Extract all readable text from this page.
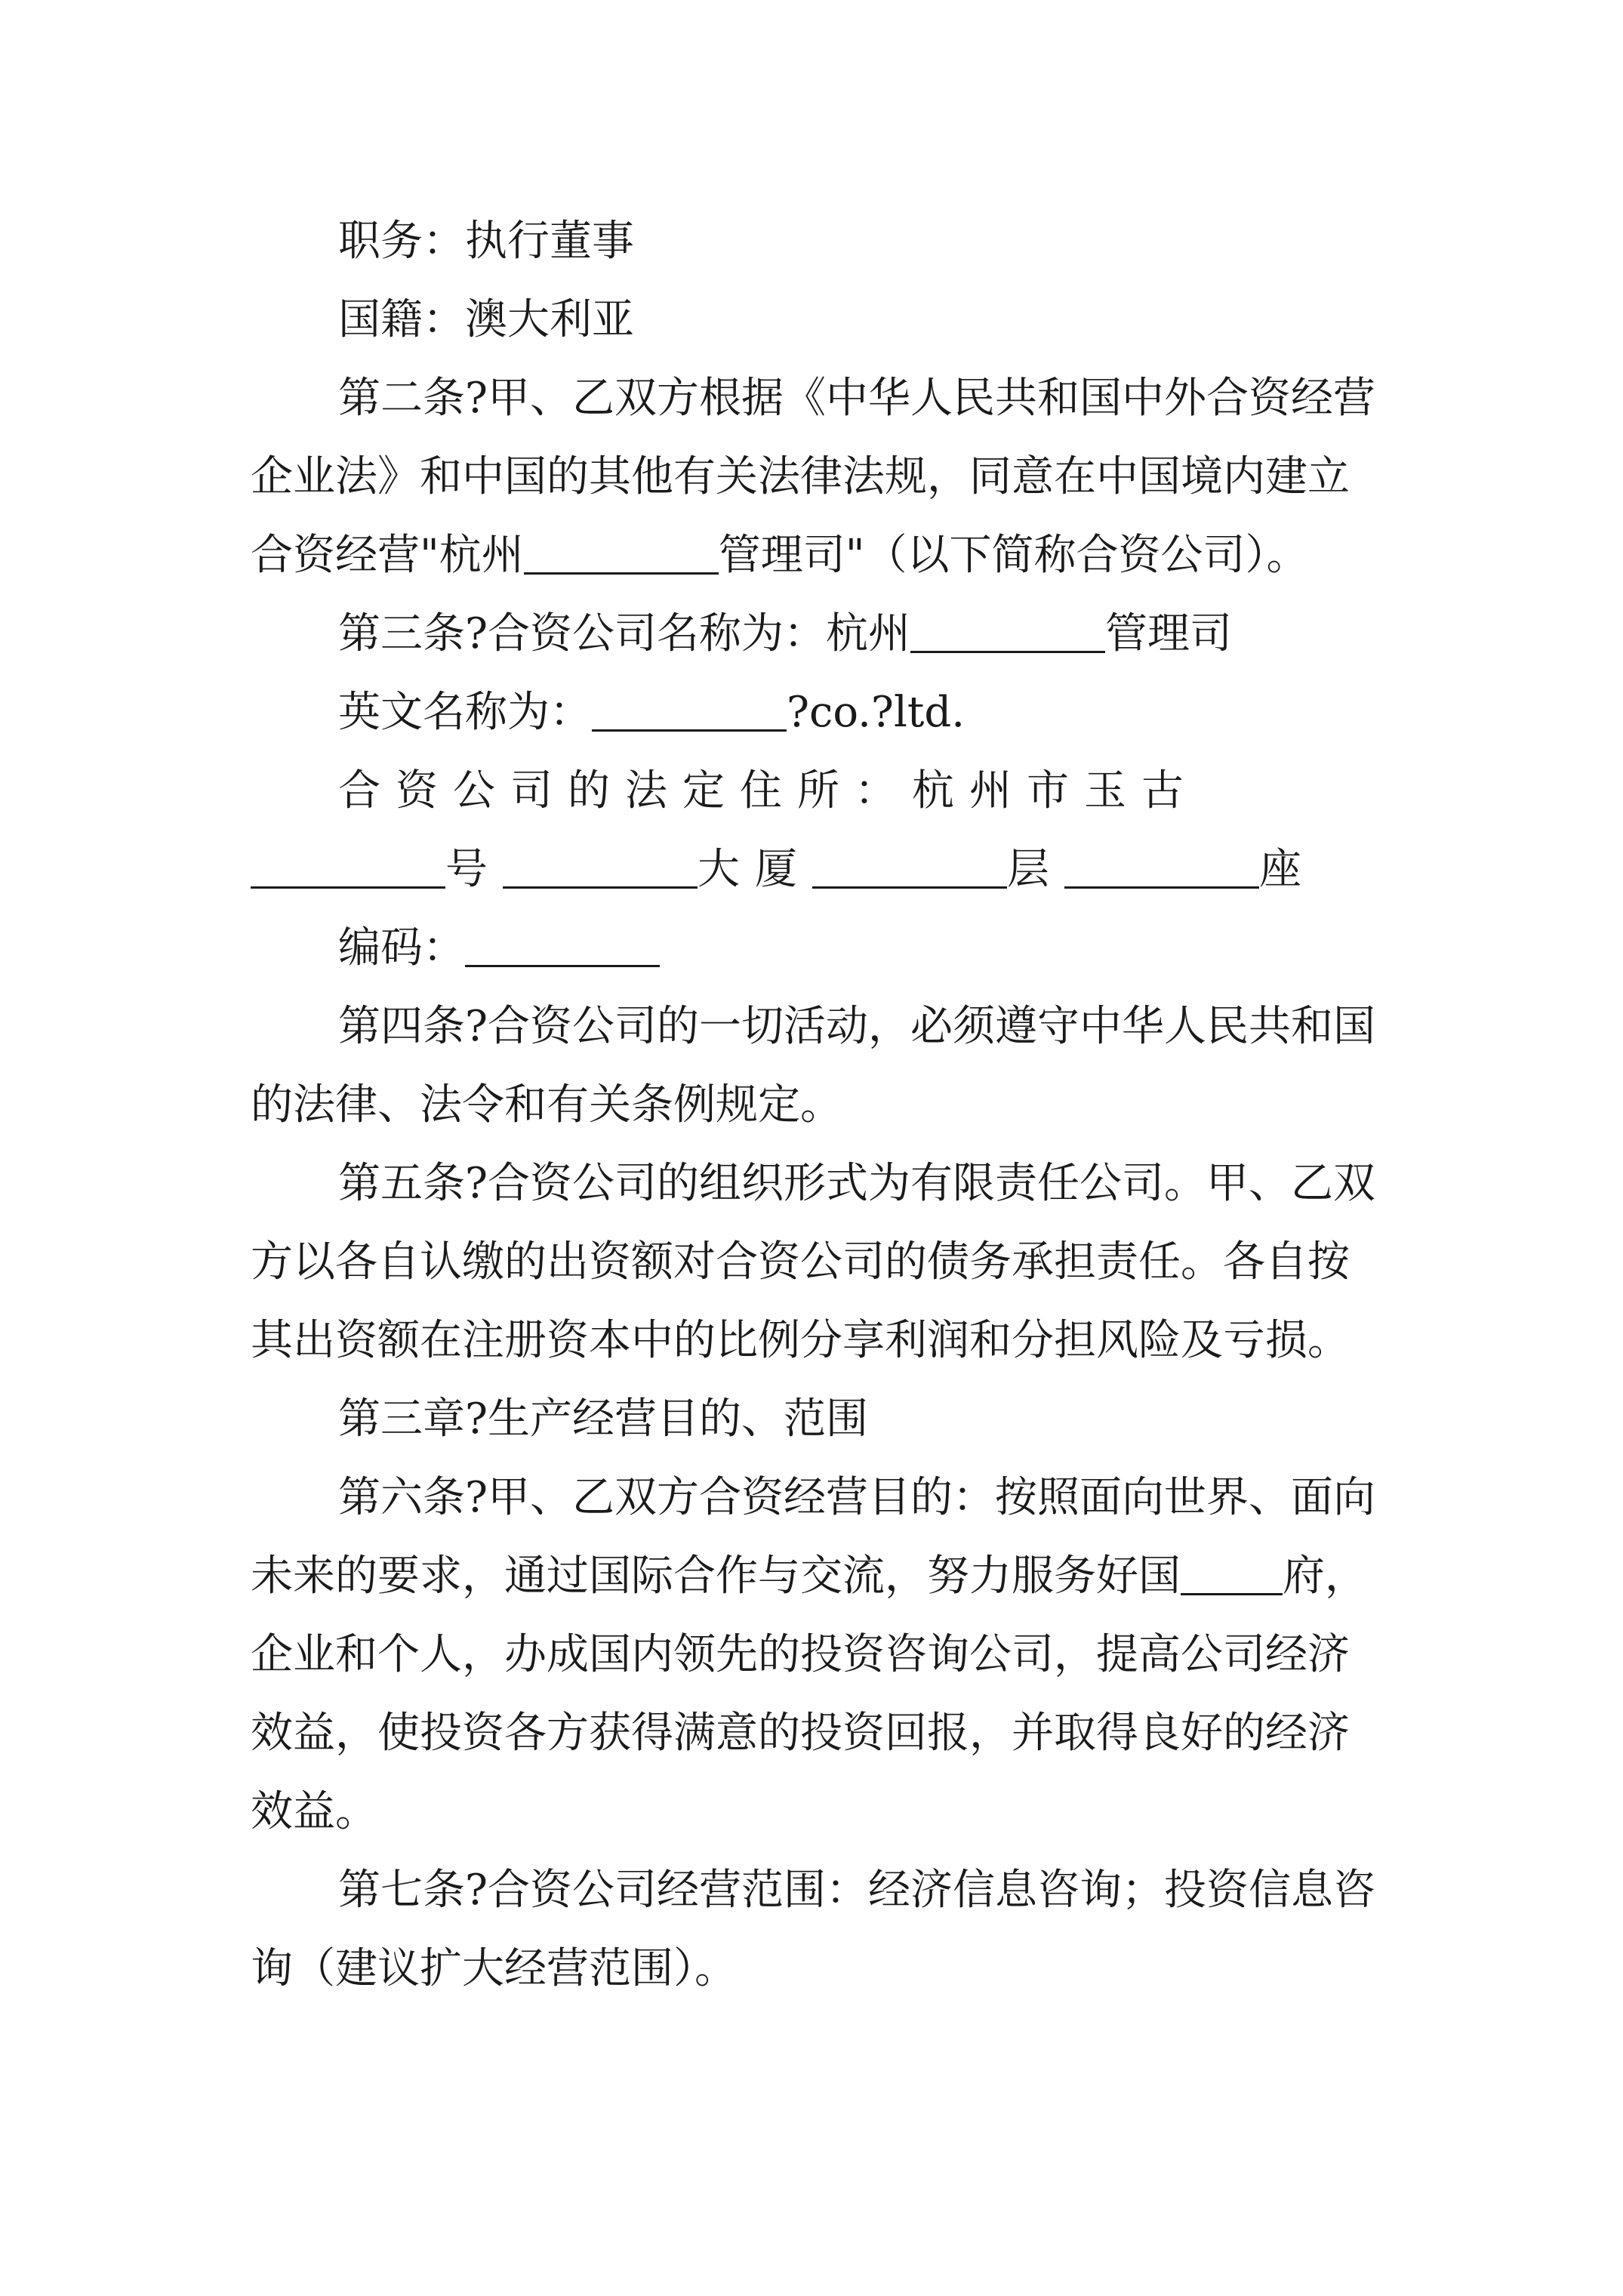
职务：执行董事

国籍：澳大利亚

第二条?甲、乙双方根据《中华人民共和国中外合资经营企业法》和中国的其他有关法律法规，同意在中国境内建立合资经营"杭州	管理司"（以下简称合资公司）。

第三条?合资公司名称为：杭州	管理司

英文名称为：	?co.?ltd.

合资公司的法定住所：杭州市玉古号	大厦	层	座

编码：

第四条?合资公司的一切活动，必须遵守中华人民共和国的法律、法令和有关条例规定。

第五条?合资公司的组织形式为有限责任公司。甲、乙双方以各自认缴的出资额对合资公司的债务承担责任。各自按其出资额在注册资本中的比例分享利润和分担风险及亏损。

第三章?生产经营目的、范围

第六条?甲、乙双方合资经营目的：按照面向世界、面向未来的要求，通过国际合作与交流，努力服务好国 府，企业和个人，办成国内领先的投资咨询公司，提高公司经济效益，使投资各方获得满意的投资回报，并取得良好的经济效益。

第七条?合资公司经营范围：经济信息咨询；投资信息咨询（建议扩大经营范围）。
